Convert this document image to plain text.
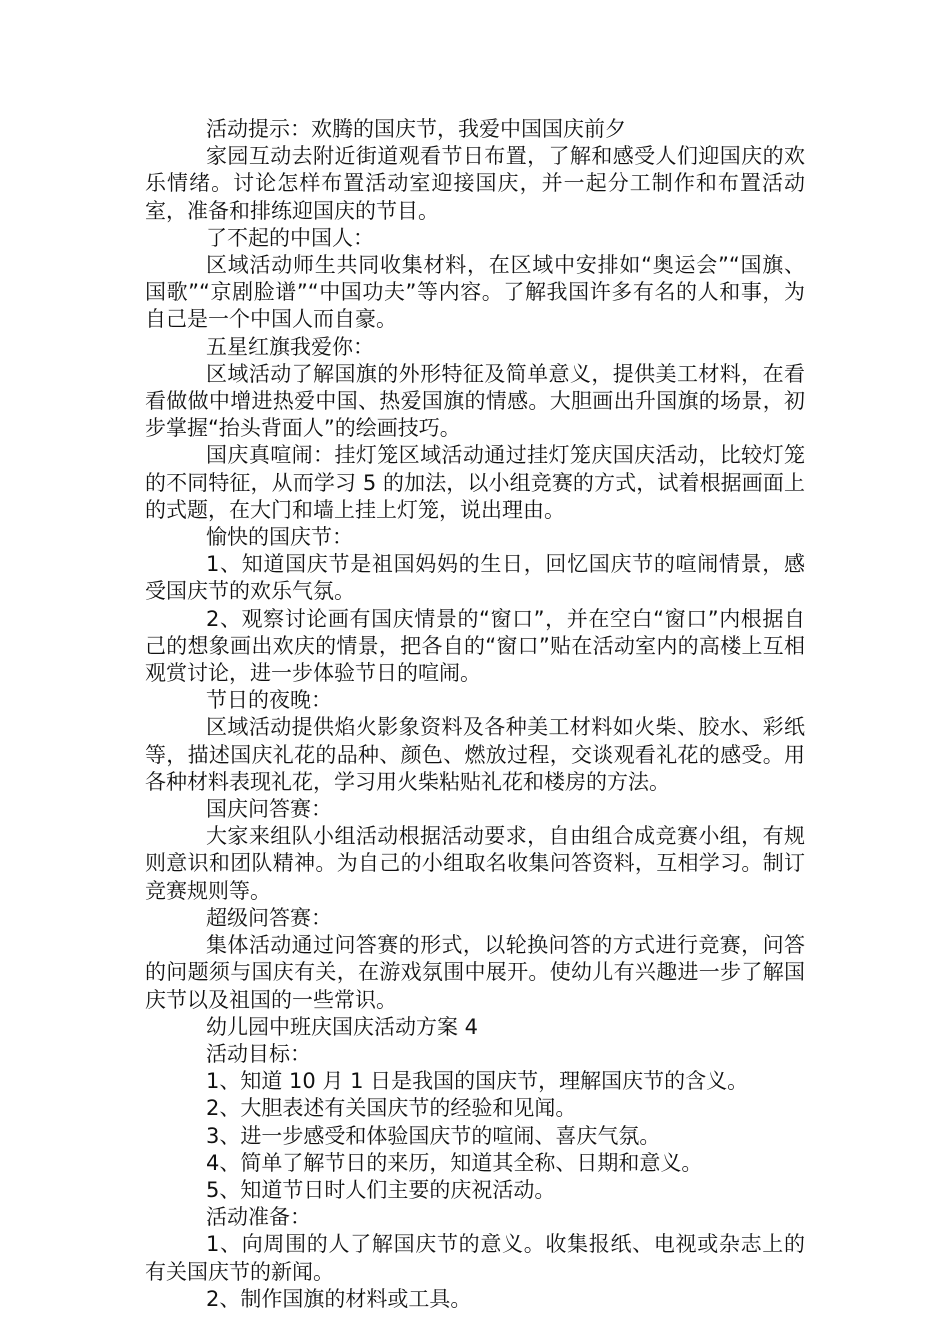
活动提示：欢腾的国庆节，我爱中国国庆前夕

家园互动去附近街道观看节日布置，了解和感受人们迎国庆的欢乐情绪。讨论怎样布置活动室迎接国庆，并一起分工制作和布置活动室，准备和排练迎国庆的节目。

了不起的中国人：

区域活动师生共同收集材料，在区域中安排如“奥运会”“国旗、国歌”“京剧脸谱”“中国功夫”等内容。了解我国许多有名的人和事，为自己是一个中国人而自豪。

五星红旗我爱你：

区域活动了解国旗的外形特征及简单意义，提供美工材料，在看看做做中增进热爱中国、热爱国旗的情感。大胆画出升国旗的场景，初步掌握“抬头背面人”的绘画技巧。

国庆真喧闹：挂灯笼区域活动通过挂灯笼庆国庆活动，比较灯笼的不同特征，从而学习 5 的加法，以小组竞赛的方式，试着根据画面上的式题，在大门和墙上挂上灯笼，说出理由。

愉快的国庆节：

1、知道国庆节是祖国妈妈的生日，回忆国庆节的喧闹情景，感受国庆节的欢乐气氛。

2、观察讨论画有国庆情景的“窗口”，并在空白“窗口”内根据自己的想象画出欢庆的情景，把各自的“窗口”贴在活动室内的高楼上互相观赏讨论，进一步体验节日的喧闹。

节日的夜晚：

区域活动提供焰火影象资料及各种美工材料如火柴、胶水、彩纸等，描述国庆礼花的品种、颜色、燃放过程，交谈观看礼花的感受。用各种材料表现礼花，学习用火柴粘贴礼花和楼房的方法。

国庆问答赛：

大家来组队小组活动根据活动要求，自由组合成竞赛小组，有规则意识和团队精神。为自己的小组取名收集问答资料，互相学习。制订竞赛规则等。

超级问答赛：

集体活动通过问答赛的形式，以轮换问答的方式进行竞赛，问答的问题须与国庆有关，在游戏氛围中展开。使幼儿有兴趣进一步了解国庆节以及祖国的一些常识。

幼儿园中班庆国庆活动方案 4

活动目标：

1、知道 10 月 1 日是我国的国庆节，理解国庆节的含义。

2、大胆表述有关国庆节的经验和见闻。

3、进一步感受和体验国庆节的喧闹、喜庆气氛。

4、简单了解节日的来历，知道其全称、日期和意义。

5、知道节日时人们主要的庆祝活动。

活动准备：

1、向周围的人了解国庆节的意义。收集报纸、电视或杂志上的有关国庆节的新闻。

2、制作国旗的材料或工具。
